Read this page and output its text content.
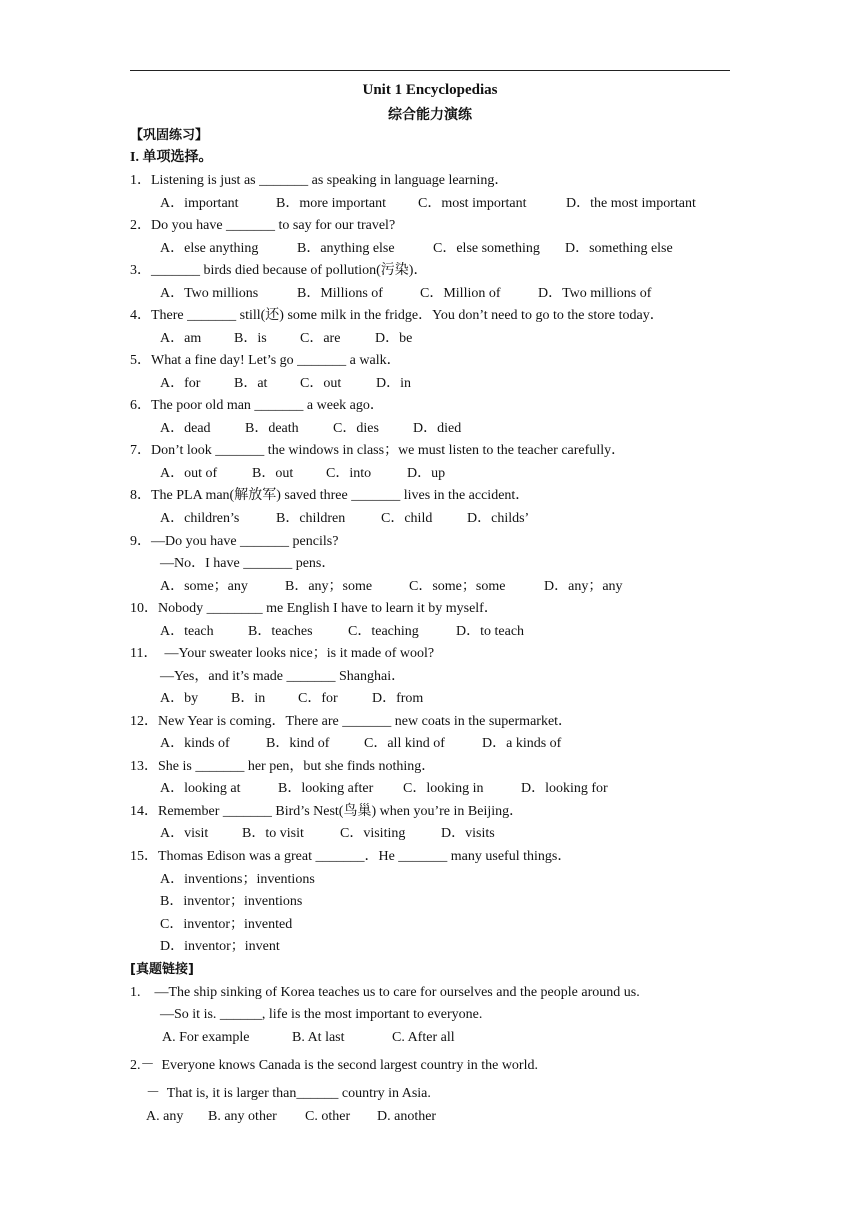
Unit 1 Encyclopedias
综合能力演练
【巩固练习】
I. 单项选择。
1．Listening is just as _______ as speaking in language learning．
A．important	B．more important C．most important	D．the most important
2．Do you have _______ to say for our travel?
A．else anything	B．anything else	C．else something D．something else
3．_______ birds died because of pollution(污染)．
A．Two millions	B．Millions of	C．Million of	D．Two millions of
4．There _______ still(还) some milk in the fridge．You don’t need to go to the store today．
A．am B．is C．are D．be
5．What a fine day! Let’s go _______ a walk．
A．for B．at C．out D．in
6．The poor old man _______ a week ago．
A．dead B．death C．dies D．died
7．Don’t look _______ the windows in class；we must listen to the teacher carefully．
A．out of B．out C．into	D．up
8．The PLA man(解放军) saved three _______ lives in the accident．
A．children’s	B．children	C．child D．childs’
9．—Do you have _______ pencils?
—No．I have _______ pens．
A．some；any	B．any；some	C．some；some	D．any；any
10．Nobody ________ me English I have to learn it by myself．
A．teach B．teaches	C．teaching	D．to teach
11．  —Your sweater looks nice；is it made of wool?
—Yes，and it’s made _______ Shanghai．
A．by B．in C．for D．from
12．New Year is coming．There are _______ new coats in the supermarket．
A．kinds of	B．kind of C．all kind of	D．a kinds of
13．She is _______ her pen，but she finds nothing．
A．looking at	B．looking after C．looking in	D．looking for
14．Remember _______ Bird’s Nest(鸟巢) when you’re in Beijing．
A．visit B．to visit	C．visiting	D．visits
15．Thomas Edison was a great _______．He _______ many useful things．
A．inventions；inventions
B．inventor；inventions
C．inventor；invented
D．inventor；invent
[真题链接]
1.    —The ship sinking of Korea teaches us to care for ourselves and the people around us.
—So it is. ______, life is the most important to everyone.
A. For example	B. At last	C. After all
2.－  Everyone knows Canada is the second largest country in the world.
－  That is, it is larger than______ country in Asia.
A. any B. any other C. other D. another
